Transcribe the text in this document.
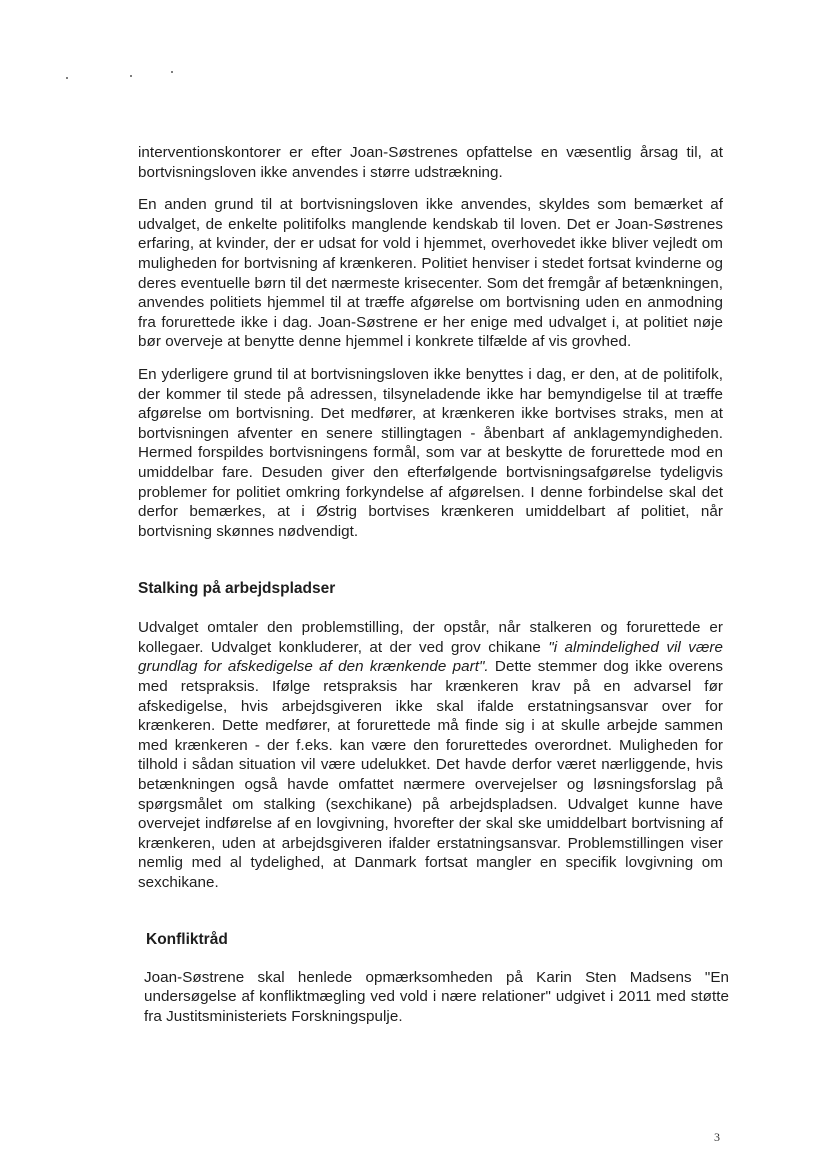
interventionskontorer er efter Joan-Søstrenes opfattelse en væsentlig årsag til, at bortvisningsloven ikke anvendes i større udstrækning.

En anden grund til at bortvisningsloven ikke anvendes, skyldes som bemærket af udvalget, de enkelte politifolks manglende kendskab til loven. Det er Joan-Søstrenes erfaring, at kvinder, der er udsat for vold i hjemmet, overhovedet ikke bliver vejledt om muligheden for bortvisning af krænkeren. Politiet henviser i stedet fortsat kvinderne og deres eventuelle børn til det nærmeste krisecenter. Som det fremgår af betænkningen, anvendes politiets hjemmel til at træffe afgørelse om bortvisning uden en anmodning fra forurettede ikke i dag. Joan-Søstrene er her enige med udvalget i, at politiet nøje bør overveje at benytte denne hjemmel i konkrete tilfælde af vis grovhed.

En yderligere grund til at bortvisningsloven ikke benyttes i dag, er den, at de politifolk, der kommer til stede på adressen, tilsyneladende ikke har bemyndigelse til at træffe afgørelse om bortvisning. Det medfører, at krænkeren ikke bortvises straks, men at bortvisningen afventer en senere stillingtagen - åbenbart af anklagemyndigheden. Hermed forspildes bortvisningens formål, som var at beskytte de forurettede mod en umiddelbar fare. Desuden giver den efterfølgende bortvisningsafgørelse tydeligvis problemer for politiet omkring forkyndelse af afgørelsen. I denne forbindelse skal det derfor bemærkes, at i Østrig bortvises krænkeren umiddelbart af politiet, når bortvisning skønnes nødvendigt.

Stalking på arbejdspladser

Udvalget omtaler den problemstilling, der opstår, når stalkeren og forurettede er kollegaer. Udvalget konkluderer, at der ved grov chikane "i almindelighed vil være grundlag for afskedigelse af den krænkende part". Dette stemmer dog ikke overens med retspraksis. Ifølge retspraksis har krænkeren krav på en advarsel før afskedigelse, hvis arbejdsgiveren ikke skal ifalde erstatningsansvar over for krænkeren. Dette medfører, at forurettede må finde sig i at skulle arbejde sammen med krænkeren - der f.eks. kan være den forurettedes overordnet. Muligheden for tilhold i sådan situation vil være udelukket. Det havde derfor været nærliggende, hvis betænkningen også havde omfattet nærmere overvejelser og løsningsforslag på spørgsmålet om stalking (sexchikane) på arbejdspladsen. Udvalget kunne have overvejet indførelse af en lovgivning, hvorefter der skal ske umiddelbart bortvisning af krænkeren, uden at arbejdsgiveren ifalder erstatningsansvar. Problemstillingen viser nemlig med al tydelighed, at Danmark fortsat mangler en specifik lovgivning om sexchikane.

Konfliktråd

Joan-Søstrene skal henlede opmærksomheden på Karin Sten Madsens "En undersøgelse af konfliktmægling ved vold i nære relationer" udgivet i 2011 med støtte fra Justitsministeriets Forskningspulje.

3
